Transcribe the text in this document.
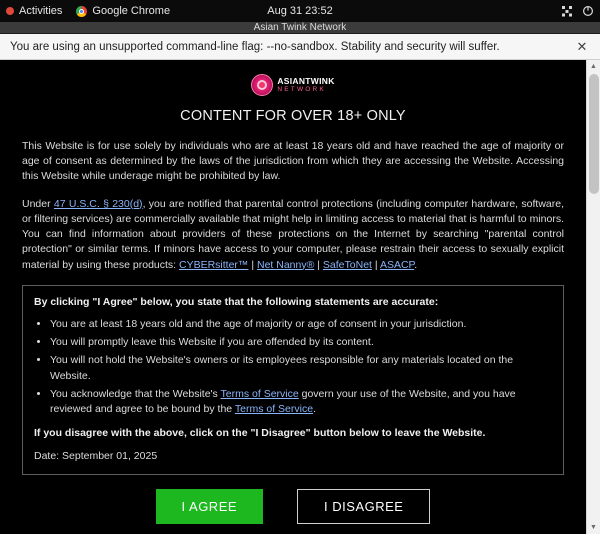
Activities	Google Chrome	Aug 31 23:52
Asian Twink Network
You are using an unsupported command-line flag: --no-sandbox. Stability and security will suffer.	✕
ASIANTWINK
NETWORK
CONTENT FOR OVER 18+ ONLY

This Website is for use solely by individuals who are at least 18 years old and have reached the age of majority or age of consent as determined by the laws of the jurisdiction from which they are accessing the Website. Accessing this Website while underage might be prohibited by law.

Under 47 U.S.C. § 230(d), you are notified that parental control protections (including computer hardware, software, or filtering services) are commercially available that might help in limiting access to material that is harmful to minors. You can find information about providers of these protections on the Internet by searching "parental control protection" or similar terms. If minors have access to your computer, please restrain their access to sexually explicit material by using these products: CYBERsitter™ | Net Nanny® | SafeToNet | ASACP.

By clicking "I Agree" below, you state that the following statements are accurate:

• You are at least 18 years old and the age of majority or age of consent in your jurisdiction.
• You will promptly leave this Website if you are offended by its content.
• You will not hold the Website's owners or its employees responsible for any materials located on the Website.
• You acknowledge that the Website's Terms of Service govern your use of the Website, and you have reviewed and agree to be bound by the Terms of Service.

If you disagree with the above, click on the "I Disagree" button below to leave the Website.

Date: September 01, 2025

I AGREE	I DISAGREE
▲
▼
